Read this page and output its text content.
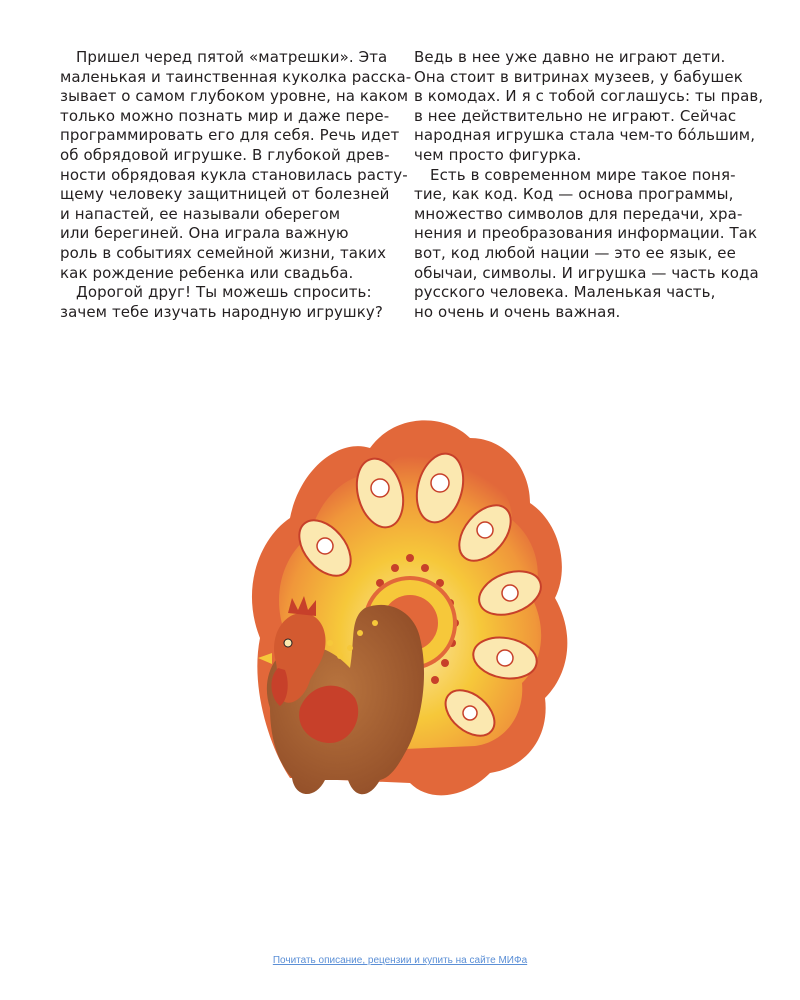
Пришел черед пятой «матрешки». Эта
маленькая и таинственная куколка расска-
зывает о самом глубоком уровне, на каком
только можно познать мир и даже пере-
программировать его для себя. Речь идет
об обрядовой игрушке. В глубокой древ-
ности обрядовая кукла становилась расту-
щему человеку защитницей от болезней
и напастей, ее называли оберегом
или берегиней. Она играла важную
роль в событиях семейной жизни, таких
как рождение ребенка или свадьба.
Дорогой друг! Ты можешь спросить:
зачем тебе изучать народную игрушку?
Ведь в нее уже давно не играют дети.
Она стоит в витринах музеев, у бабушек
в комодах. И я с тобой соглашусь: ты прав,
в нее действительно не играют. Сейчас
народная игрушка стала чем-то бо́льшим,
чем просто фигурка.
Есть в современном мире такое поня-
тие, как код. Код — основа программы,
множество символов для передачи, хра-
нения и преобразования информации. Так
вот, код любой нации — это ее язык, ее
обычаи, символы. И игрушка — часть кода
русского человека. Маленькая часть,
но очень и очень важная.
Почитать описание, рецензии и купить на сайте МИФа
